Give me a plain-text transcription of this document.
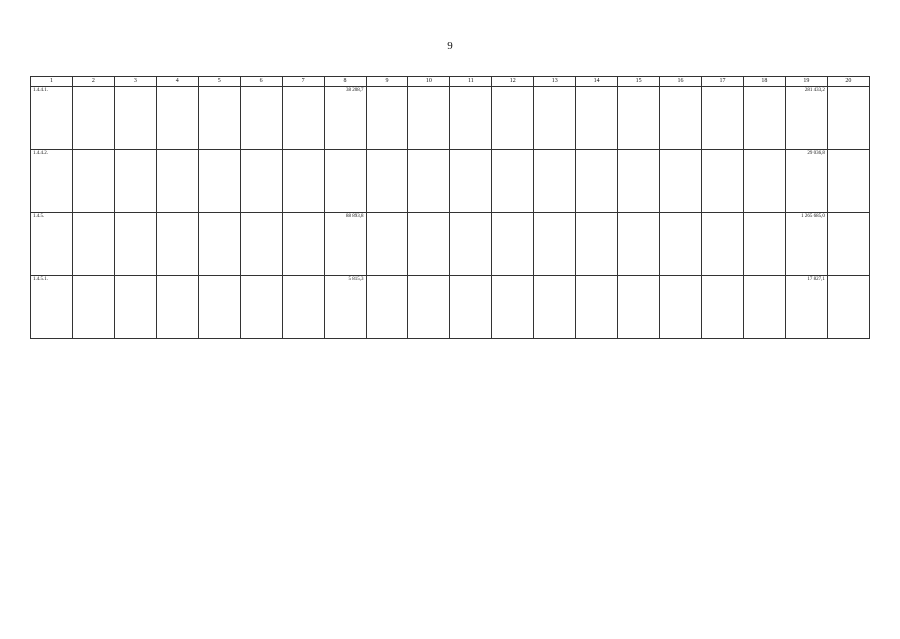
9
1	2	3	4	5	6	7	8	9	10	11	12	13	14	15	16	17	18	19	20
1.4.4.1.							38 208,7											281 433,2	
1.4.4.2.																		29 036,8	
1.4.5.							88 893,8											1 265 685,0	
1.4.5.1.							5 815,3											17 827,1	
